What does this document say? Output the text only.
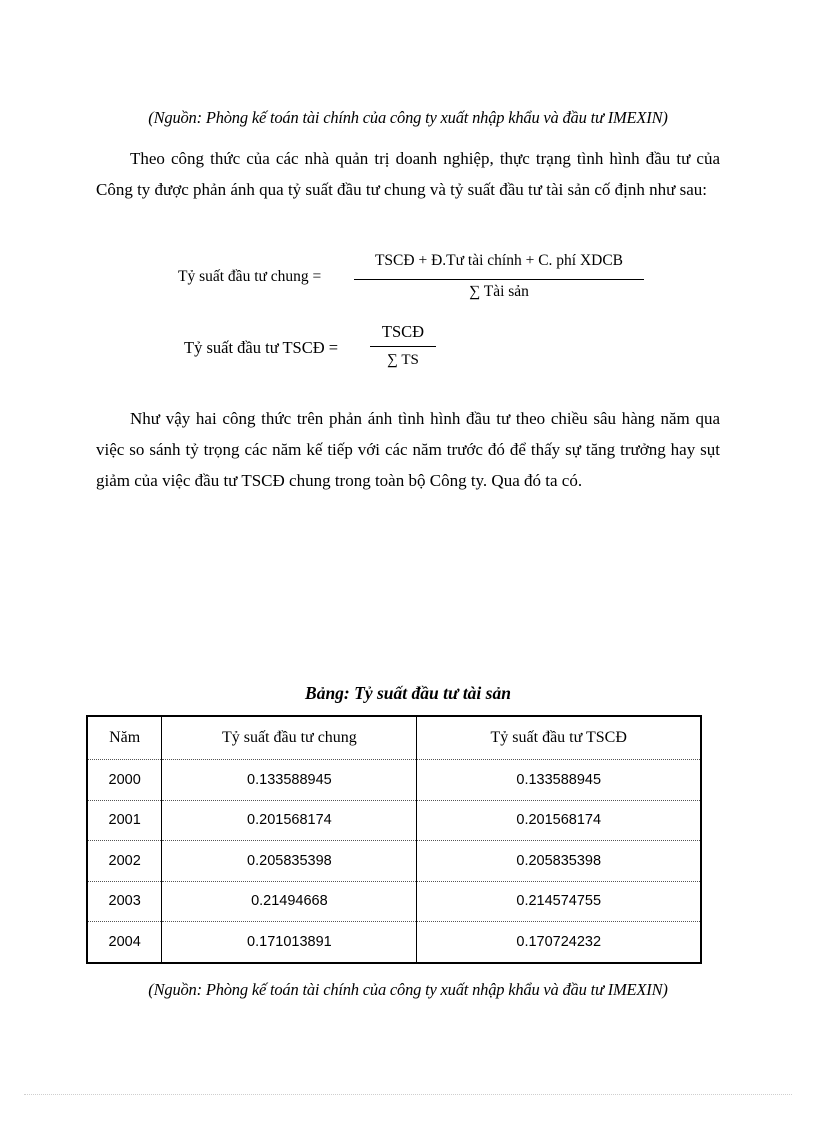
(Nguồn: Phòng kế toán tài chính của công ty xuất nhập khẩu và đầu tư IMEXIN)

Theo công thức của các nhà quản trị doanh nghiệp, thực trạng tình hình đầu tư của Công ty được phản ánh qua tỷ suất đầu tư chung và tỷ suất đầu tư tài sản cố định như sau:

Tỷ suất đầu tư chung =
TSCĐ + Đ.Tư tài chính + C. phí XDCB
∑ Tài sản
Tỷ suất đầu tư TSCĐ =
TSCĐ
∑ TS

Như vậy hai công thức trên phản ánh tình hình đầu tư theo chiều sâu hàng năm qua việc so sánh tỷ trọng các năm kế tiếp với các năm trước đó để thấy sự tăng trưởng hay sụt giảm của việc đầu tư TSCĐ chung trong toàn bộ Công ty. Qua đó ta có.

Bảng: Tỷ suất đầu tư tài sản
Năm	Tỷ suất đầu tư chung	Tỷ suất đầu tư TSCĐ
2000	0.133588945	0.133588945
2001	0.201568174	0.201568174
2002	0.205835398	0.205835398
2003	0.21494668	0.214574755
2004	0.171013891	0.170724232
(Nguồn: Phòng kế toán tài chính của công ty xuất nhập khẩu và đầu tư IMEXIN)
